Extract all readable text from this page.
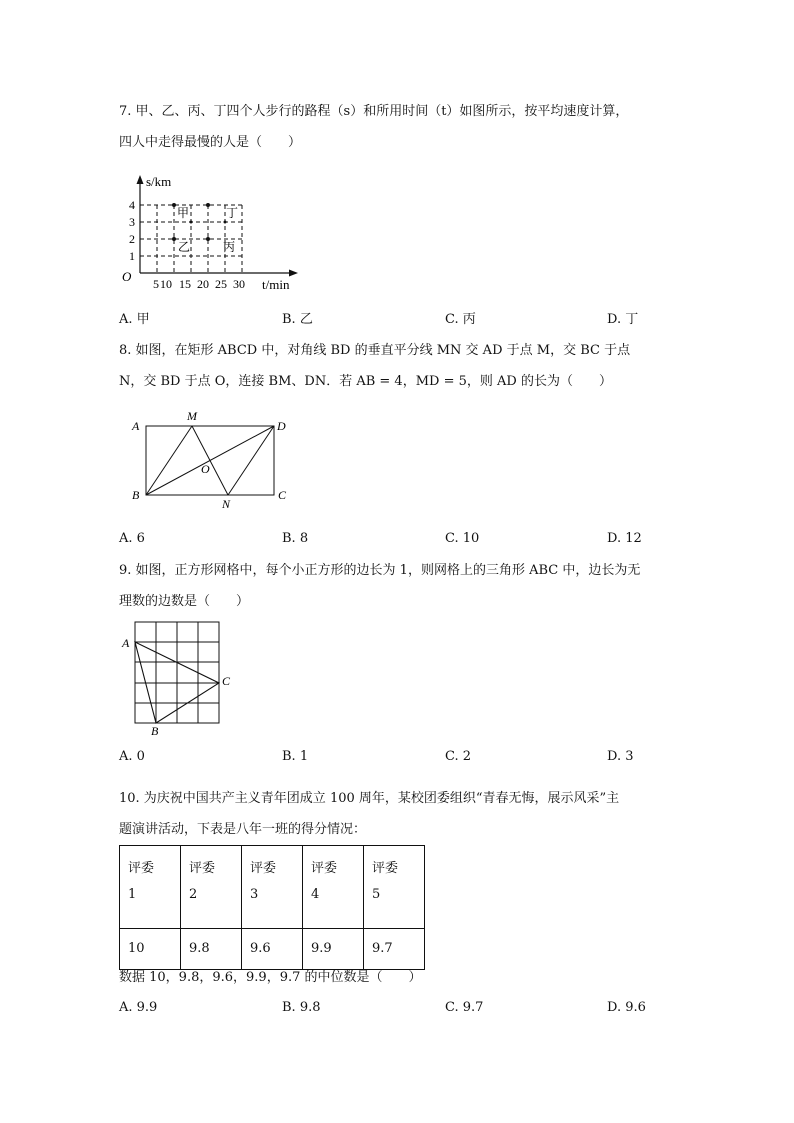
7. 甲、乙、丙、丁四个人步行的路程（s）和所用时间（t）如图所示，按平均速度计算，
四人中走得最慢的人是（　　）
s/km
t/min
O
1
2
3
4
5 10 15 20 25 30
甲
乙	丙
丁
A. 甲	B. 乙	C. 丙	D. 丁
8. 如图，在矩形 ABCD 中，对角线 BD 的垂直平分线 MN 交 AD 于点 M，交 BC 于点
N，交 BD 于点 O，连接 BM、DN．若 AB = 4，MD = 5，则 AD 的长为（　　）
A
B	C
D
M
N
O
A. 6	B. 8	C. 10	D. 12
9. 如图，正方形网格中，每个小正方形的边长为 1，则网格上的三角形 ABC 中，边长为无
理数的边数是（　　）
A
B
C
A. 0	B. 1	C. 2	D. 3
10. 为庆祝中国共产主义青年团成立 100 周年，某校团委组织“青春无悔，展示风采”主
题演讲活动，下表是八年一班的得分情况：
评委
1	评委
2	评委
3	评委
4	评委
5
10	9.8	9.6	9.9	9.7
数据 10，9.8，9.6，9.9，9.7 的中位数是（　　）
A. 9.9	B. 9.8	C. 9.7	D. 9.6
